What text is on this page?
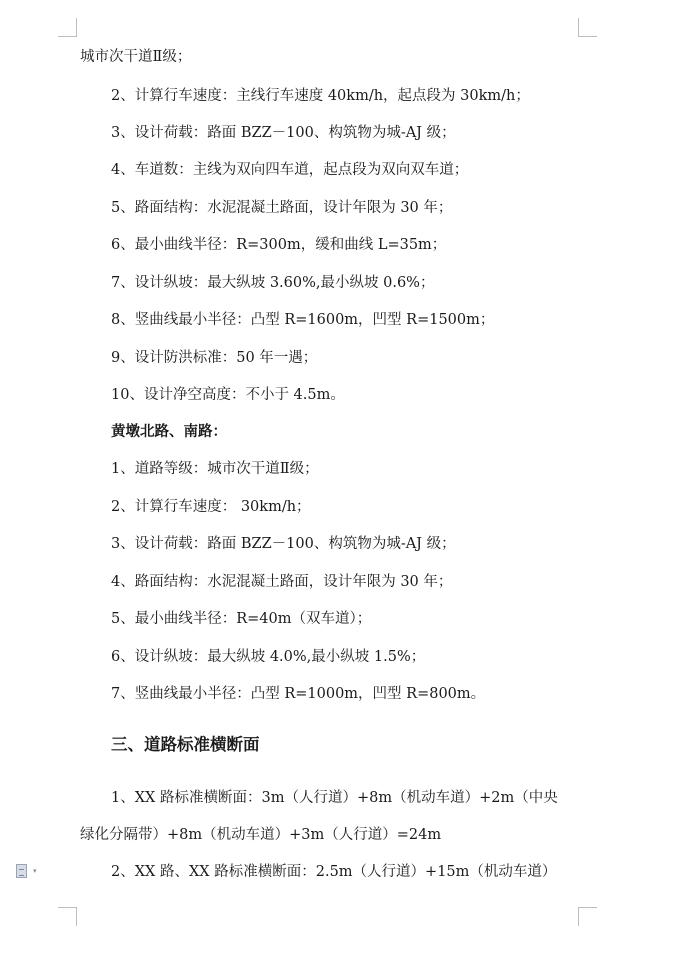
城市次干道Ⅱ级；
2、计算行车速度：主线行车速度 40km/h，起点段为 30km/h；
3、设计荷载：路面 BZZ－100、构筑物为城-AJ 级；
4、车道数：主线为双向四车道，起点段为双向双车道；
5、路面结构：水泥混凝土路面，设计年限为 30 年；
6、最小曲线半径：R=300m，缓和曲线 L=35m；
7、设计纵坡：最大纵坡 3.60%,最小纵坡 0.6%；
8、竖曲线最小半径：凸型 R=1600m，凹型 R=1500m；
9、设计防洪标准：50 年一遇；
10、设计净空高度：不小于 4.5m。
黄墩北路、南路：
1、道路等级：城市次干道Ⅱ级；
2、计算行车速度： 30km/h；
3、设计荷载：路面 BZZ－100、构筑物为城-AJ 级；
4、路面结构：水泥混凝土路面，设计年限为 30 年；
5、最小曲线半径：R=40m（双车道）；
6、设计纵坡：最大纵坡 4.0%,最小纵坡 1.5%；
7、竖曲线最小半径：凸型 R=1000m，凹型 R=800m。
三、道路标准横断面
1、XX 路标准横断面：3m（人行道）+8m（机动车道）+2m（中央
绿化分隔带）+8m（机动车道）+3m（人行道）=24m
2、XX 路、XX 路标准横断面：2.5m（人行道）+15m（机动车道）
▾
